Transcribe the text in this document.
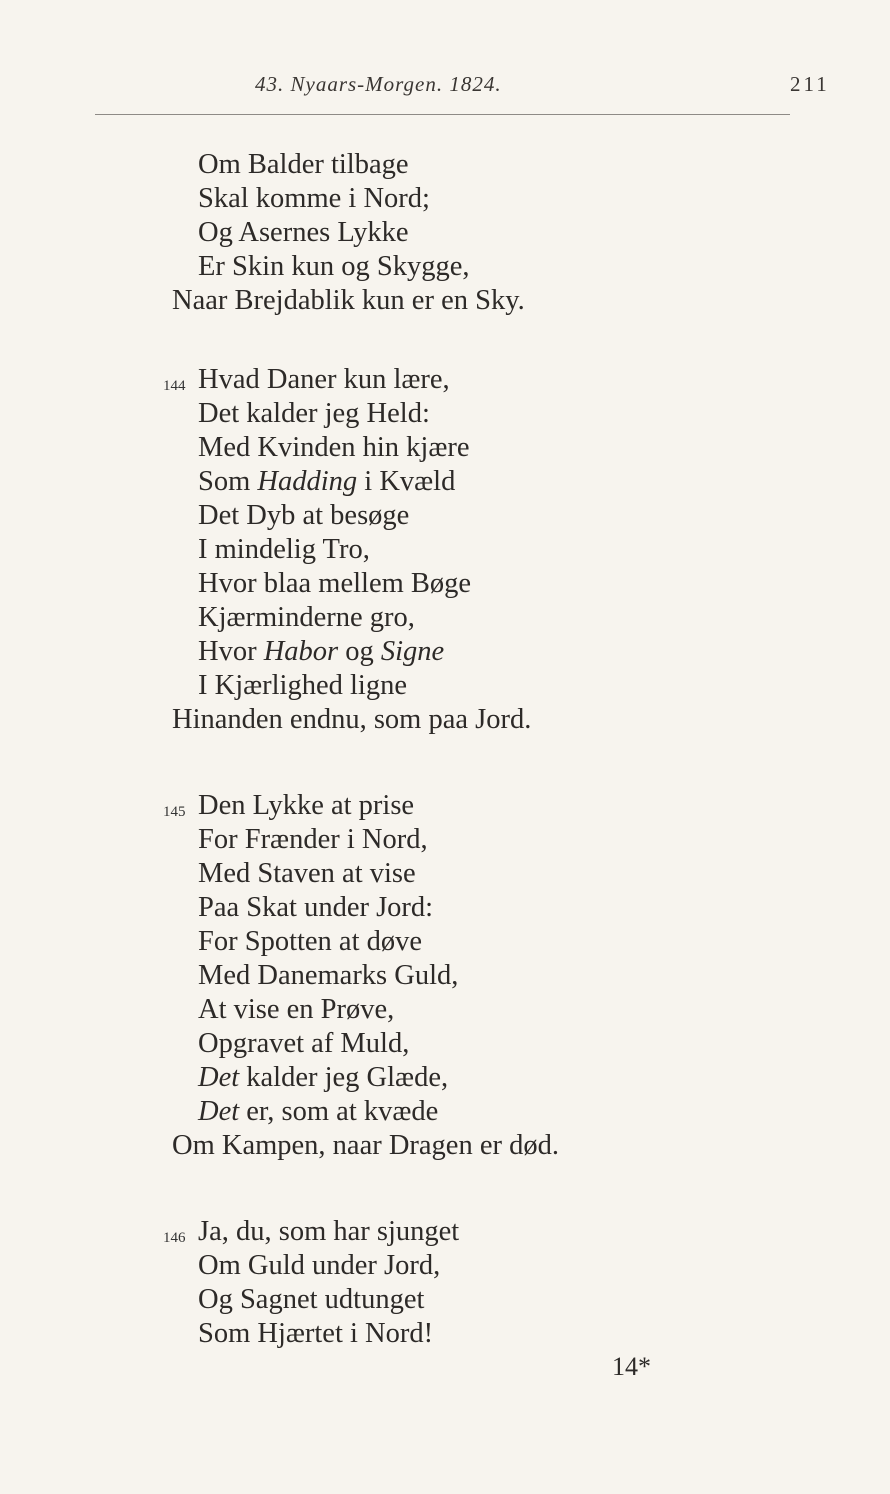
43. Nyaars-Morgen. 1824.	211
Om Balder tilbage
Skal komme i Nord;
Og Asernes Lykke
Er Skin kun og Skygge,
Naar Brejdablik kun er en Sky.
144 Hvad Daner kun lære,
Det kalder jeg Held:
Med Kvinden hin kjære
Som Hadding i Kvæld
Det Dyb at besøge
I mindelig Tro,
Hvor blaa mellem Bøge
Kjærminderne gro,
Hvor Habor og Signe
I Kjærlighed ligne
Hinanden endnu, som paa Jord.
145 Den Lykke at prise
For Frænder i Nord,
Med Staven at vise
Paa Skat under Jord:
For Spotten at døve
Med Danemarks Guld,
At vise en Prøve,
Opgravet af Muld,
Det kalder jeg Glæde,
Det er, som at kvæde
Om Kampen, naar Dragen er død.
146 Ja, du, som har sjunget
Om Guld under Jord,
Og Sagnet udtunget
Som Hjærtet i Nord!
14*
